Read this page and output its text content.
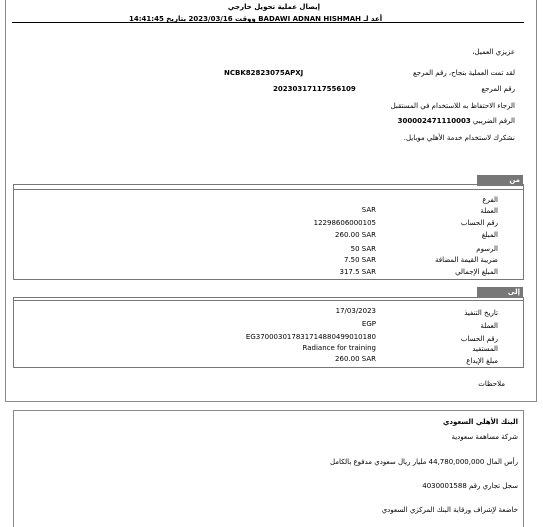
إيصال عملية تحويل خارجي
14:41:45	ووقت 2023/03/16 بتاريخ	BADAWI ADNAN HISHMAH أعد لـ
عزيزي العميل،
لقد تمت العملية بنجاح، رقم المرجع
NCBK82823075APXJ
رقم المرجع
20230317117556109
الرجاء الاحتفاظ به للاستخدام في المستقبل
300002471110003 الرقم الضريبي
نشكرك لاستخدام خدمة الأهلي موبايل.
من
الفرع
العملة
SAR
رقم الحساب
12298606000105
المبلغ
260.00 SAR
الرسوم
50 SAR
ضريبة القيمة المضافة
7.50 SAR
المبلغ الإجمالي
317.5 SAR
إلى
تاريخ التنفيذ
17/03/2023
العملة
EGP
رقم الحساب
EG370003017831714880499010180
المستفيد
Radiance for training
مبلغ الإيداع
260.00 SAR
ملاحظات
البنك الأهلي السعودي
شركة مساهمة سعودية
رأس المال 44,780,000,000 مليار ريال سعودي مدفوع بالكامل
سجل تجاري رقم 4030001588
خاضعة لإشراف ورقابة البنك المركزي السعودي
